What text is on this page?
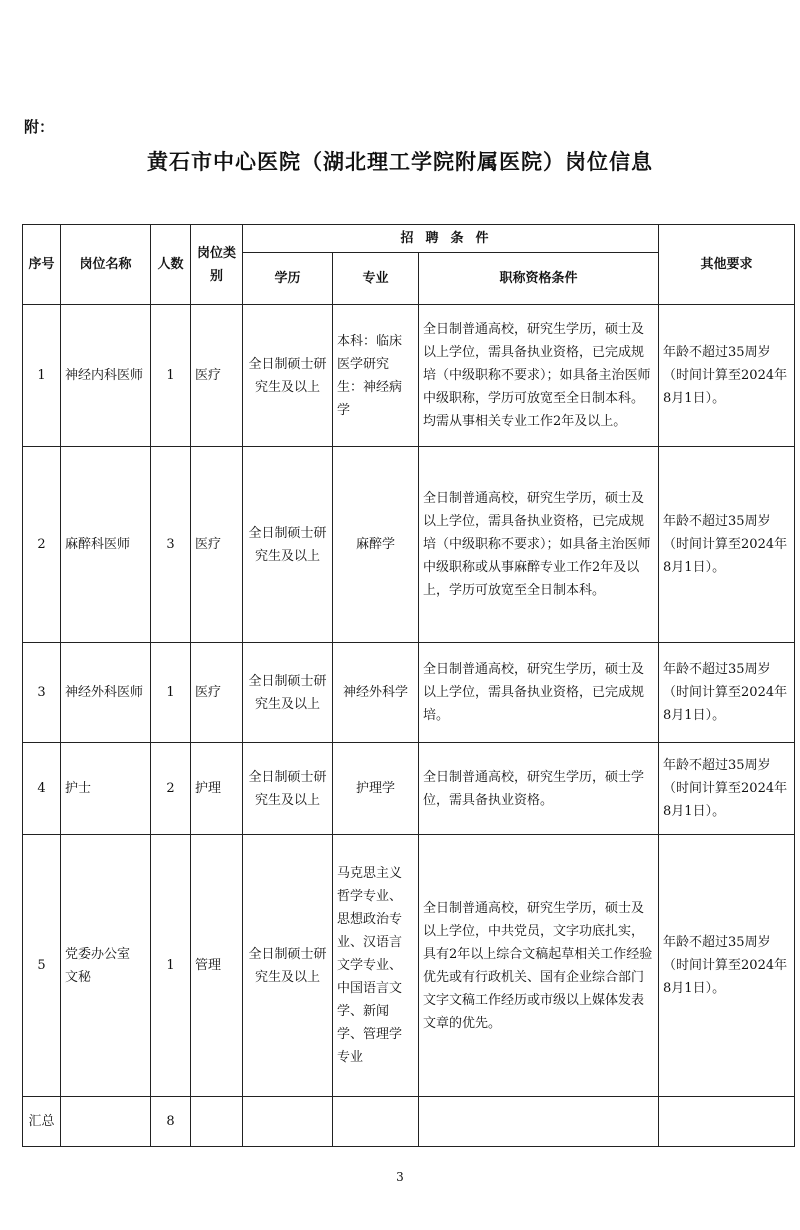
附：
黄石市中心医院（湖北理工学院附属医院）岗位信息
序号	岗位名称	人数	岗位类别	招聘条件			其他要求
				学历	专业	职称资格条件	
1	神经内科医师	1	医疗	全日制硕士研究生及以上	本科：临床医学研究生：神经病学	全日制普通高校，研究生学历，硕士及以上学位，需具备执业资格，已完成规培（中级职称不要求）；如具备主治医师中级职称，学历可放宽至全日制本科。均需从事相关专业工作2年及以上。	年龄不超过35周岁（时间计算至2024年8月1日）。
2	麻醉科医师	3	医疗	全日制硕士研究生及以上	麻醉学	全日制普通高校，研究生学历，硕士及以上学位，需具备执业资格，已完成规培（中级职称不要求）；如具备主治医师中级职称或从事麻醉专业工作2年及以上，学历可放宽至全日制本科。	年龄不超过35周岁（时间计算至2024年8月1日）。
3	神经外科医师	1	医疗	全日制硕士研究生及以上	神经外科学	全日制普通高校，研究生学历，硕士及以上学位，需具备执业资格，已完成规培。	年龄不超过35周岁（时间计算至2024年8月1日）。
4	护士	2	护理	全日制硕士研究生及以上	护理学	全日制普通高校，研究生学历，硕士学位，需具备执业资格。	年龄不超过35周岁（时间计算至2024年8月1日）。
5	党委办公室 文秘	1	管理	全日制硕士研究生及以上	马克思主义哲学专业、思想政治专业、汉语言文学专业、中国语言文学、新闻学、管理学专业	全日制普通高校，研究生学历，硕士及以上学位，中共党员，文字功底扎实，具有2年以上综合文稿起草相关工作经验优先或有行政机关、国有企业综合部门文字文稿工作经历或市级以上媒体发表文章的优先。	年龄不超过35周岁（时间计算至2024年8月1日）。
汇总		8					
3
